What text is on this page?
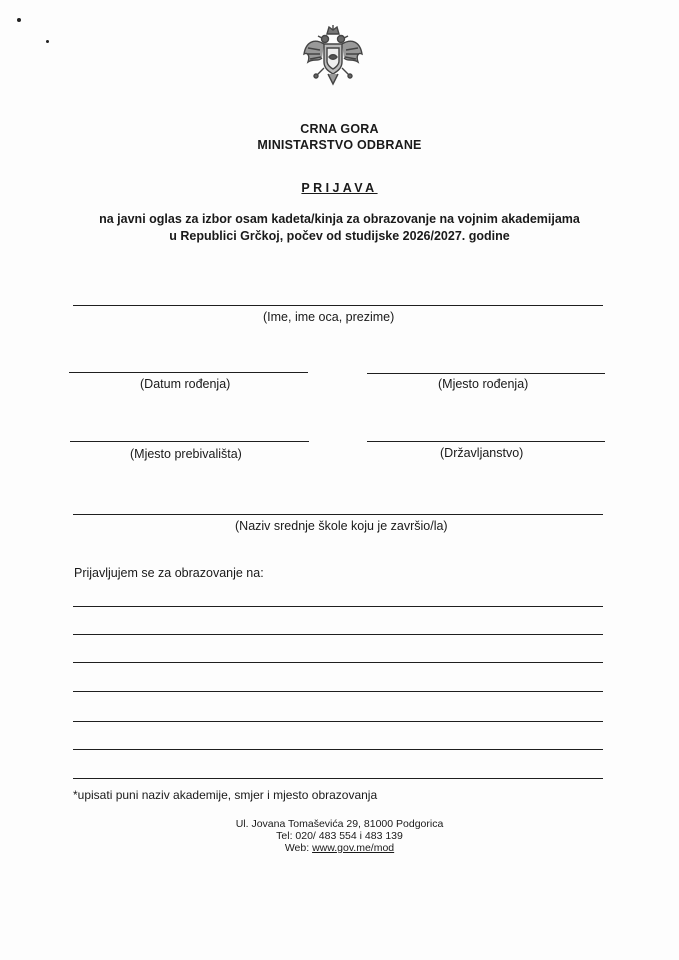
CRNA GORA
MINISTARSTVO ODBRANE
PRIJAVA
na javni oglas za izbor osam kadeta/kinja za obrazovanje na vojnim akademijama
u Republici Grčkoj, počev od studijske 2026/2027. godine
(Ime, ime oca, prezime)
(Datum rođenja)	(Mjesto rođenja)
(Mjesto prebivališta)	(Državljanstvo)
(Naziv srednje škole koju je završio/la)
Prijavljujem se za obrazovanje na:
*upisati puni naziv akademije, smjer i mjesto obrazovanja
Ul. Jovana Tomaševića 29, 81000 Podgorica
Tel: 020/ 483 554 i 483 139
Web: www.gov.me/mod
